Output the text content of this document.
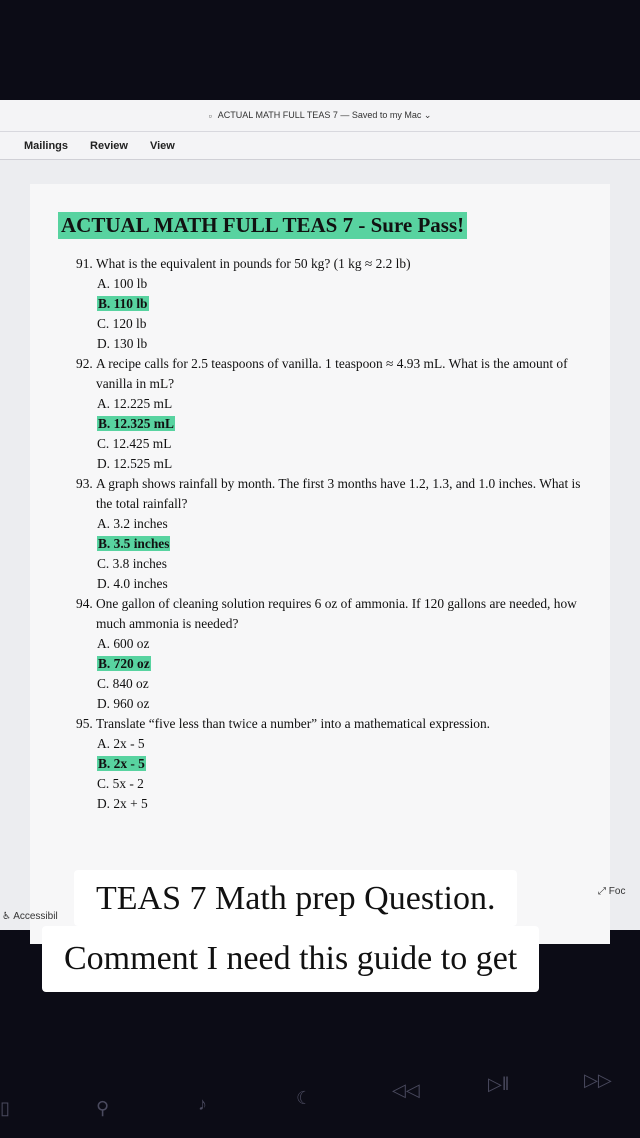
▫ ACTUAL MATH FULL TEAS 7 — Saved to my Mac ⌄
Mailings Review View
ACTUAL MATH FULL TEAS 7 - Sure Pass!
91. What is the equivalent in pounds for 50 kg? (1 kg ≈ 2.2 lb)
A. 100 lb
B. 110 lb
C. 120 lb
D. 130 lb
92. A recipe calls for 2.5 teaspoons of vanilla. 1 teaspoon ≈ 4.93 mL. What is the amount of vanilla in mL?
A. 12.225 mL
B. 12.325 mL
C. 12.425 mL
D. 12.525 mL
93. A graph shows rainfall by month. The first 3 months have 1.2, 1.3, and 1.0 inches. What is the total rainfall?
A. 3.2 inches
B. 3.5 inches
C. 3.8 inches
D. 4.0 inches
94. One gallon of cleaning solution requires 6 oz of ammonia. If 120 gallons are needed, how much ammonia is needed?
A. 600 oz
B. 720 oz
C. 840 oz
D. 960 oz
95. Translate “five less than twice a number” into a mathematical expression.
A. 2x - 5
B. 2x - 5
C. 5x - 2
D. 2x + 5
♿︎ Accessibil
⤢ Foc
TEAS 7 Math prep Question.
Comment I need this guide to get
▯	⚲	♪	☾	◁◁	▷‖	▷▷
